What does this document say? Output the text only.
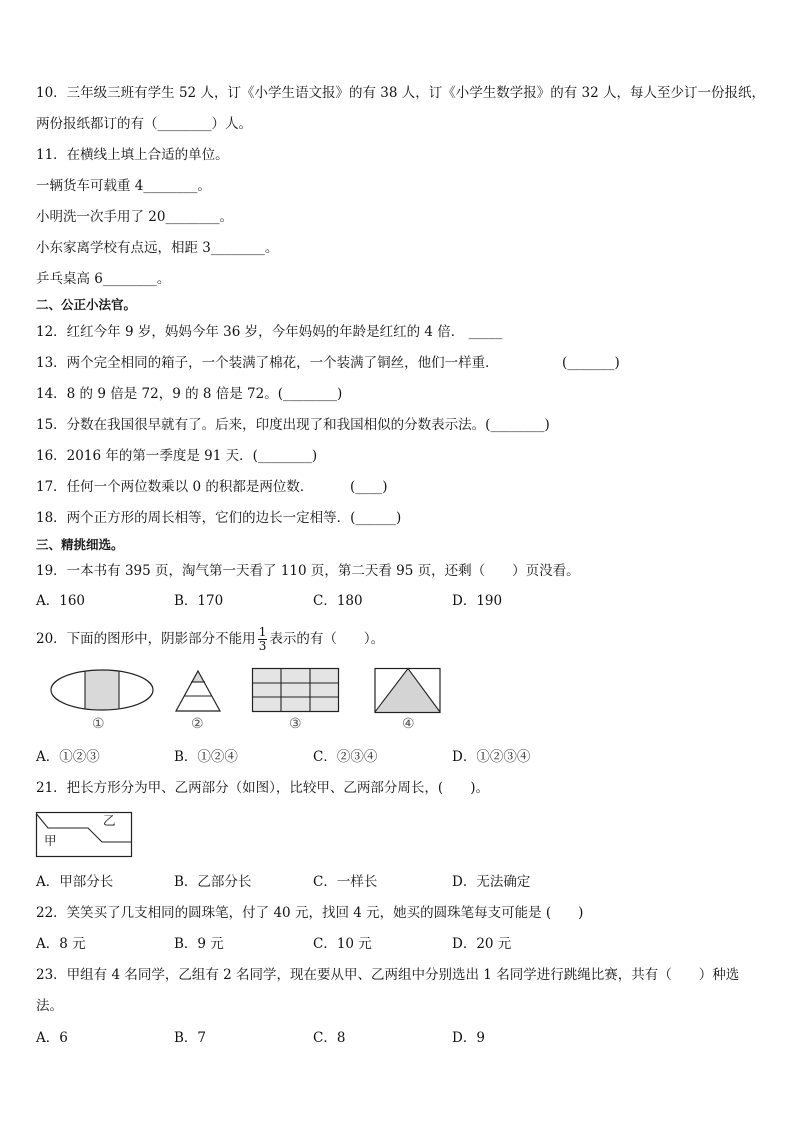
10．三年级三班有学生 52 人，订《小学生语文报》的有 38 人，订《小学生数学报》的有 32 人，每人至少订一份报纸，
两份报纸都订的有（________）人。
11．在横线上填上合适的单位。
一辆货车可载重 4________。
小明洗一次手用了 20________。
小东家离学校有点远，相距 3________。
乒乓桌高 6________。
二、公正小法官。
12．红红今年 9 岁，妈妈今年 36 岁，今年妈妈的年龄是红红的 4 倍． _____
13．两个完全相同的箱子，一个装满了棉花，一个装满了铜丝，他们一样重．	(_______)
14．8 的 9 倍是 72，9 的 8 倍是 72。(________)
15．分数在我国很早就有了。后来，印度出现了和我国相似的分数表示法。(________)
16．2016 年的第一季度是 91 天．(________)
17．任何一个两位数乘以 0 的积都是两位数．	(____)
18．两个正方形的周长相等，它们的边长一定相等．(______)
三、精挑细选。
19．一本书有 395 页，淘气第一天看了 110 页，第二天看 95 页，还剩（　　）页没看。
A．160	B．170	C．180	D．190
20．下面的图形中，阴影部分不能用 $\frac{1}{3}$ 表示的有（　　）。
①	②	③	④
A．①②③	B．①②④	C．②③④	D．①②③④
21．把长方形分为甲、乙两部分（如图），比较甲、乙两部分周长，(　　)。
甲
乙
A．甲部分长	B．乙部分长	C．一样长	D．无法确定
22．笑笑买了几支相同的圆珠笔，付了 40 元，找回 4 元，她买的圆珠笔每支可能是 (　　)
A．8 元	B．9 元	C．10 元	D．20 元
23．甲组有 4 名同学，乙组有 2 名同学，现在要从甲、乙两组中分别选出 1 名同学进行跳绳比赛，共有（　　）种选
法。
A．6	B．7	C．8	D．9
